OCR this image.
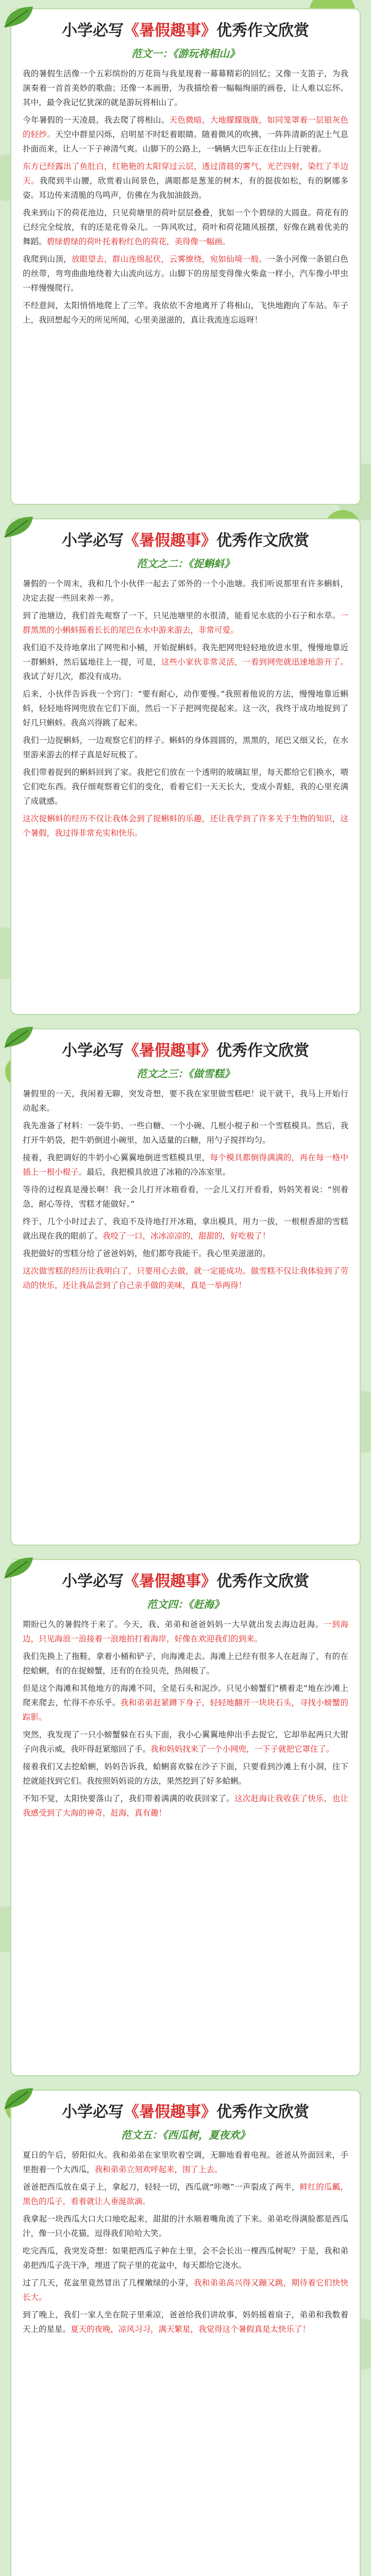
小学必写《暑假趣事》优秀作文欣赏
范文一：《游玩将相山》

我的暑假生活像一个五彩缤纷的万花筒与我星现着一幕幕精彩的回忆；又像一支笛子，为我演奏着一首首美妙的歌曲；还像一本画册，为我描绘着一幅幅绚丽的画卷，让人难以忘怀。其中，最令我记忆犹深的就是游玩将相山了。

今年暑假的一天凌晨，我去爬了将相山。天色微暗，大地朦朦胧胧，如同笼罩着一层银灰色的轻纱。天空中群星闪烁，启明星不时眨着眼睛。随着微风的吹拂，一阵阵清新的泥土气息扑面而来，让人一下子神清气爽。山脚下的公路上，一辆辆大巴车正在往山上行驶着。

东方已经露出了鱼肚白，红艳艳的太阳穿过云层，透过清晨的雾气，光芒四射，染红了半边天。我爬到半山腰，欣赏着山间景色，满眼都是葱茏的树木，有的挺拔如松，有的婀娜多姿。耳边传来清脆的鸟鸣声，仿佛在为我加油鼓劲。

我来到山下的荷花池边，只见荷塘里的荷叶层层叠叠，犹如一个个碧绿的大圆盘。荷花有的已经完全绽放，有的还是花骨朵儿。一阵风吹过，荷叶和荷花随风摇摆，好像在跳着优美的舞蹈。碧绿碧绿的荷叶托着粉红色的荷花，美得像一幅画。

我爬到山顶，放眼望去，群山连绵起伏，云雾缭绕，宛如仙境一般。一条小河像一条银白色的丝带，弯弯曲曲地绕着大山流向远方。山脚下的房屋变得像火柴盒一样小，汽车像小甲虫一样慢慢爬行。

不经意间，太阳悄悄地爬上了三竿。我依依不舍地离开了将相山，飞快地跑向了车站。车子上，我回想起今天的所见所闻，心里美滋滋的，真让我流连忘返呀！

小学必写《暑假趣事》优秀作文欣赏
范文之二：《捉蝌蚪》

暑假的一个周末，我和几个小伙伴一起去了郊外的一个小池塘。我们听说那里有许多蝌蚪，决定去捉一些回来养一养。

到了池塘边，我们首先观察了一下，只见池塘里的水很清，能看见水底的小石子和水草。一群黑黑的小蝌蚪摇着长长的尾巴在水中游来游去，非常可爱。

我们迫不及待地拿出了网兜和小桶，开始捉蝌蚪。我先把网兜轻轻地放进水里，慢慢地靠近一群蝌蚪，然后猛地往上一提，可是，这些小家伙非常灵活，一看到网兜就迅速地游开了。我试了好几次，都没有成功。

后来，小伙伴告诉我一个窍门：“要有耐心，动作要慢。”我照着他说的方法，慢慢地靠近蝌蚪，轻轻地将网兜放在它们下面，然后一下子把网兜提起来。这一次，我终于成功地捉到了好几只蝌蚪。我高兴得跳了起来。

我们一边捉蝌蚪，一边观察它们的样子。蝌蚪的身体圆圆的，黑黑的，尾巴又细又长，在水里游来游去的样子真是好玩极了。

我们带着捉到的蝌蚪回到了家。我把它们放在一个透明的玻璃缸里，每天都给它们换水，喂它们吃东西。我仔细观察着它们的变化，看着它们一天天长大，变成小青蛙，我的心里充满了成就感。

这次捉蝌蚪的经历不仅让我体会到了捉蝌蚪的乐趣，还让我学到了许多关于生物的知识，这个暑假，我过得非常充实和快乐。

小学必写《暑假趣事》优秀作文欣赏
范文之三：《做雪糕》

暑假里的一天，我闲着无聊，突发奇想，要不我在家里做雪糕吧！说干就干，我马上开始行动起来。

我先准备了材料：一袋牛奶、一些白糖、一个小碗、几根小棍子和一个雪糕模具。然后，我打开牛奶袋，把牛奶倒进小碗里，加入适量的白糖，用勺子搅拌均匀。

接着，我把调好的牛奶小心翼翼地倒进雪糕模具里，每个模具都倒得满满的，再在每一格中插上一根小棍子。最后，我把模具放进了冰箱的冷冻室里。

等待的过程真是漫长啊！我一会儿打开冰箱看看，一会儿又打开看看，妈妈笑着说：“别着急，耐心等待，雪糕才能做好。”

终于，几个小时过去了，我迫不及待地打开冰箱，拿出模具，用力一拔，一根根香甜的雪糕就出现在我的眼前了。我咬了一口，冰冰凉凉的，甜甜的，好吃极了！

我把做好的雪糕分给了爸爸妈妈，他们都夸我能干。我心里美滋滋的。

这次做雪糕的经历让我明白了，只要用心去做，就一定能成功。做雪糕不仅让我体验到了劳动的快乐，还让我品尝到了自己亲手做的美味，真是一举两得！

小学必写《暑假趣事》优秀作文欣赏
范文四：《赶海》

期盼已久的暑假终于来了。今天，我、弟弟和爸爸妈妈一大早就出发去海边赶海。一到海边，只见海浪一浪接着一浪地拍打着海岸，好像在欢迎我们的到来。

我们先换上了拖鞋，拿着小桶和铲子，向海滩走去。海滩上已经有很多人在赶海了，有的在挖蛤蜊，有的在捉螃蟹，还有的在捡贝壳，热闹极了。

但是这个海滩和其他地方的海滩不同，全是石头和泥沙。只见小螃蟹们“横着走”地在沙滩上爬来爬去，忙得不亦乐乎。我和弟弟赶紧蹲下身子，轻轻地翻开一块块石头，寻找小螃蟹的踪影。

突然，我发现了一只小螃蟹躲在石头下面，我小心翼翼地伸出手去捉它，它却举起两只大钳子向我示威，我吓得赶紧缩回了手。我和妈妈找来了一个小网兜，一下子就把它罩住了。

接着我们又去挖蛤蜊，妈妈告诉我，蛤蜊喜欢躲在沙子下面，只要看到沙滩上有小洞，往下挖就能找到它们。我按照妈妈说的方法，果然挖到了好多蛤蜊。

不知不觉，太阳快要落山了，我们带着满满的收获回家了。这次赶海让我收获了快乐，也让我感受到了大海的神奇，赶海，真有趣！

小学必写《暑假趣事》优秀作文欣赏
范文五：《西瓜树，夏夜欢》

夏日的午后，骄阳似火。我和弟弟在家里吹着空调，无聊地看着电视。爸爸从外面回来，手里抱着一个大西瓜，我和弟弟立刻欢呼起来，围了上去。

爸爸把西瓜放在桌子上，拿起刀，轻轻一切，西瓜就“咔嚓”一声裂成了两半，鲜红的瓜瓤，黑色的瓜子，看着就让人垂涎欲滴。

我拿起一块西瓜大口大口地吃起来，甜甜的汁水顺着嘴角流了下来。弟弟吃得满脸都是西瓜汁，像一只小花猫，逗得我们哈哈大笑。

吃完西瓜，我突发奇想：如果把西瓜子种在土里，会不会长出一棵西瓜树呢？于是，我和弟弟把西瓜子洗干净，埋进了院子里的花盆中，每天都给它浇水。

过了几天，花盆里竟然冒出了几棵嫩绿的小芽，我和弟弟高兴得又蹦又跳，期待着它们快快长大。

到了晚上，我们一家人坐在院子里乘凉，爸爸给我们讲故事，妈妈摇着扇子，弟弟和我数着天上的星星。夏天的夜晚，凉风习习，满天繁星，我觉得这个暑假真是太快乐了！
